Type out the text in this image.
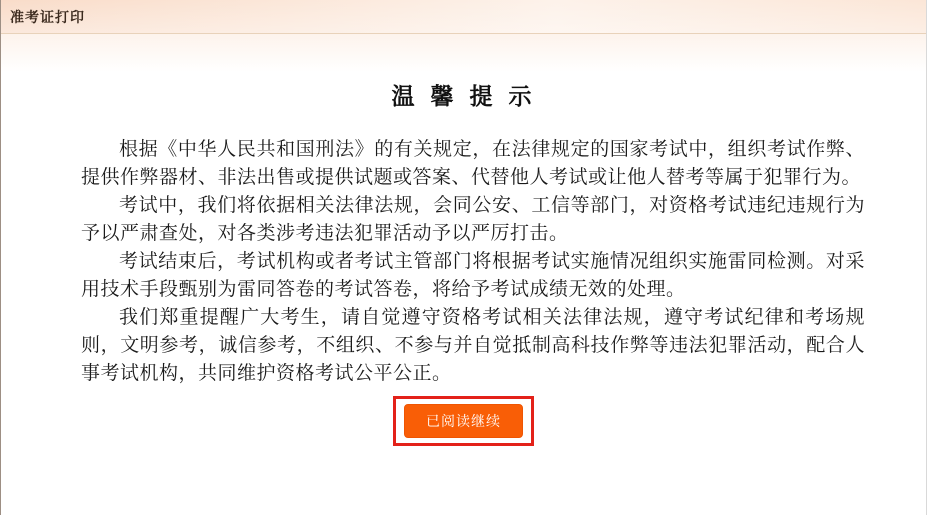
准考证打印
温 馨 提 示

根据《中华人民共和国刑法》的有关规定，在法律规定的国家考试中，组织考试作弊、提供作弊器材、非法出售或提供试题或答案、代替他人考试或让他人替考等属于犯罪行为。

考试中，我们将依据相关法律法规，会同公安、工信等部门，对资格考试违纪违规行为予以严肃查处，对各类涉考违法犯罪活动予以严厉打击。

考试结束后，考试机构或者考试主管部门将根据考试实施情况组织实施雷同检测。对采用技术手段甄别为雷同答卷的考试答卷，将给予考试成绩无效的处理。

我们郑重提醒广大考生，请自觉遵守资格考试相关法律法规，遵守考试纪律和考场规则，文明参考，诚信参考，不组织、不参与并自觉抵制高科技作弊等违法犯罪活动，配合人事考试机构，共同维护资格考试公平公正。

已阅读继续
